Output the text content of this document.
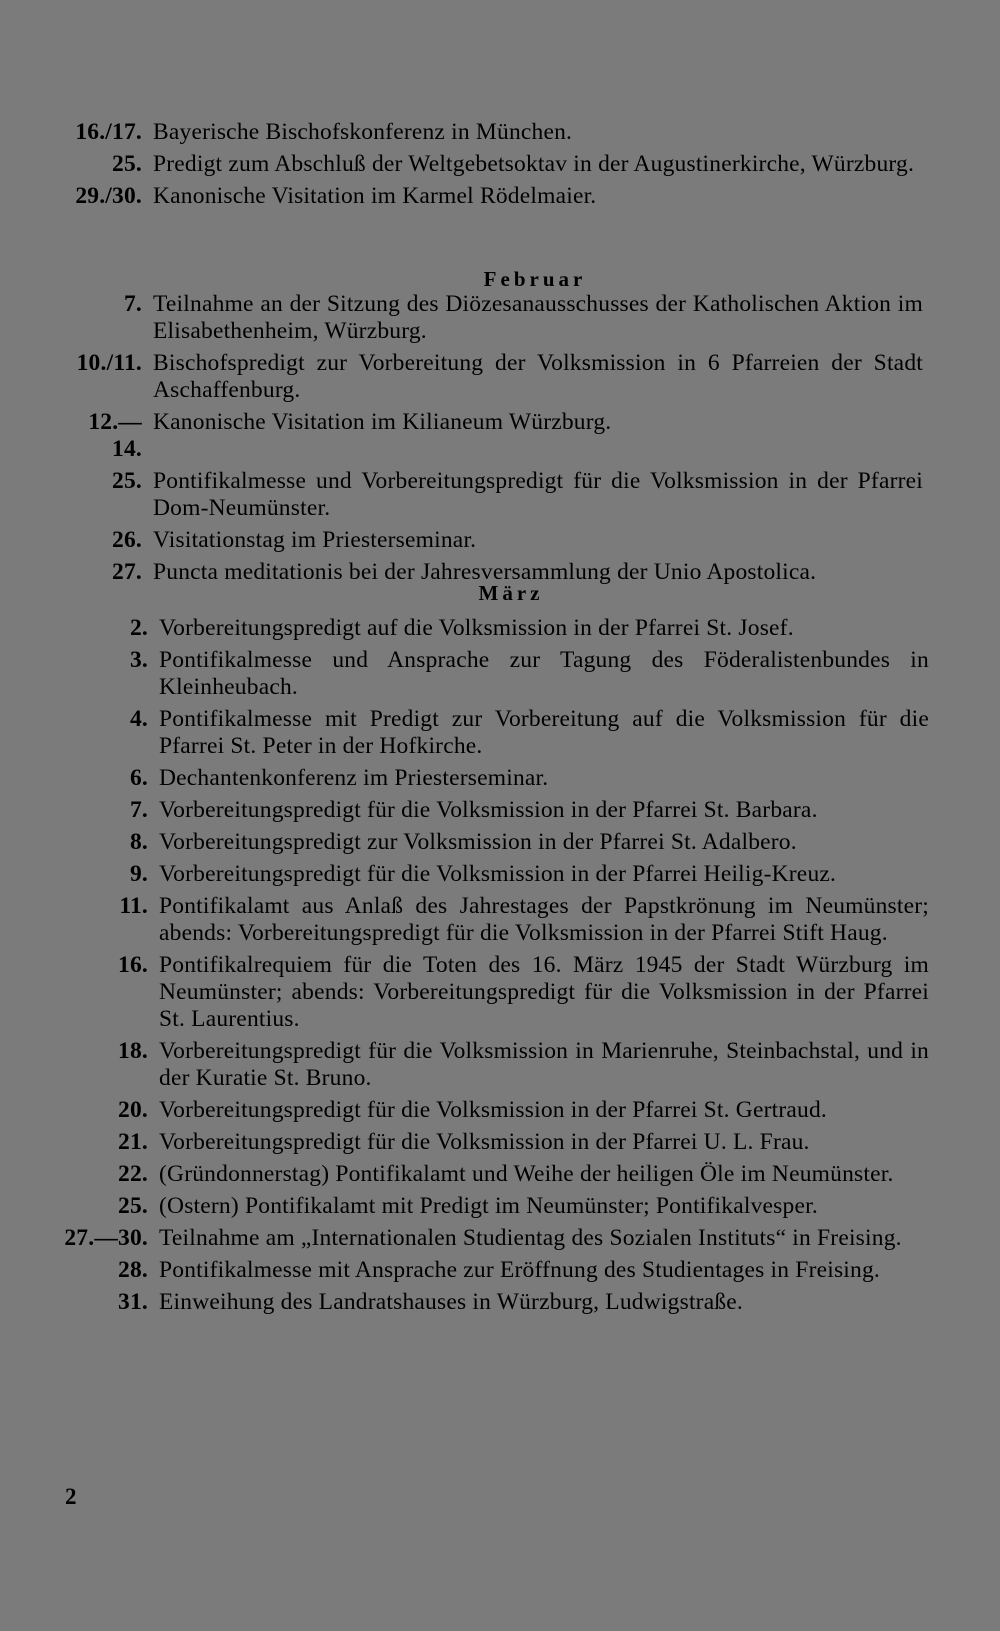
16./17. Bayerische Bischofskonferenz in München.
25. Predigt zum Abschluß der Weltgebetsoktav in der Augustinerkirche, Würzburg.
29./30. Kanonische Visitation im Karmel Rödelmaier.
Februar
7. Teilnahme an der Sitzung des Diözesanausschusses der Katholischen Aktion im Elisabethenheim, Würzburg.
10./11. Bischofspredigt zur Vorbereitung der Volksmission in 6 Pfarreien der Stadt Aschaffenburg.
12.—14.
Kanonische Visitation im Kilianeum Würzburg.
25. Pontifikalmesse und Vorbereitungspredigt für die Volksmission in der Pfarrei Dom-Neumünster.
26. Visitationstag im Priesterseminar.
27. Puncta meditationis bei der Jahresversammlung der Unio Apostolica.
März
2. Vorbereitungspredigt auf die Volksmission in der Pfarrei St. Josef.
3. Pontifikalmesse und Ansprache zur Tagung des Föderalistenbundes in Kleinheubach.
4. Pontifikalmesse mit Predigt zur Vorbereitung auf die Volksmission für die Pfarrei St. Peter in der Hofkirche.
6. Dechantenkonferenz im Priesterseminar.
7. Vorbereitungspredigt für die Volksmission in der Pfarrei St. Barbara.
8. Vorbereitungspredigt zur Volksmission in der Pfarrei St. Adalbero.
9. Vorbereitungspredigt für die Volksmission in der Pfarrei Heilig-Kreuz.
11. Pontifikalamt aus Anlaß des Jahrestages der Papstkrönung im Neumünster; abends: Vorbereitungspredigt für die Volksmission in der Pfarrei Stift Haug.
16. Pontifikalrequiem für die Toten des 16. März 1945 der Stadt Würzburg im Neumünster; abends: Vorbereitungspredigt für die Volksmission in der Pfarrei St. Laurentius.
18. Vorbereitungspredigt für die Volksmission in Marienruhe, Steinbachstal, und in der Kuratie St. Bruno.
20. Vorbereitungspredigt für die Volksmission in der Pfarrei St. Gertraud.
21. Vorbereitungspredigt für die Volksmission in der Pfarrei U. L. Frau.
22. (Gründonnerstag) Pontifikalamt und Weihe der heiligen Öle im Neumünster.
25. (Ostern) Pontifikalamt mit Predigt im Neumünster; Pontifikalvesper.
27.—30. Teilnahme am „Internationalen Studientag des Sozialen Instituts“ in Freising.
28. Pontifikalmesse mit Ansprache zur Eröffnung des Studientages in Freising.
31. Einweihung des Landratshauses in Würzburg, Ludwigstraße.
2
